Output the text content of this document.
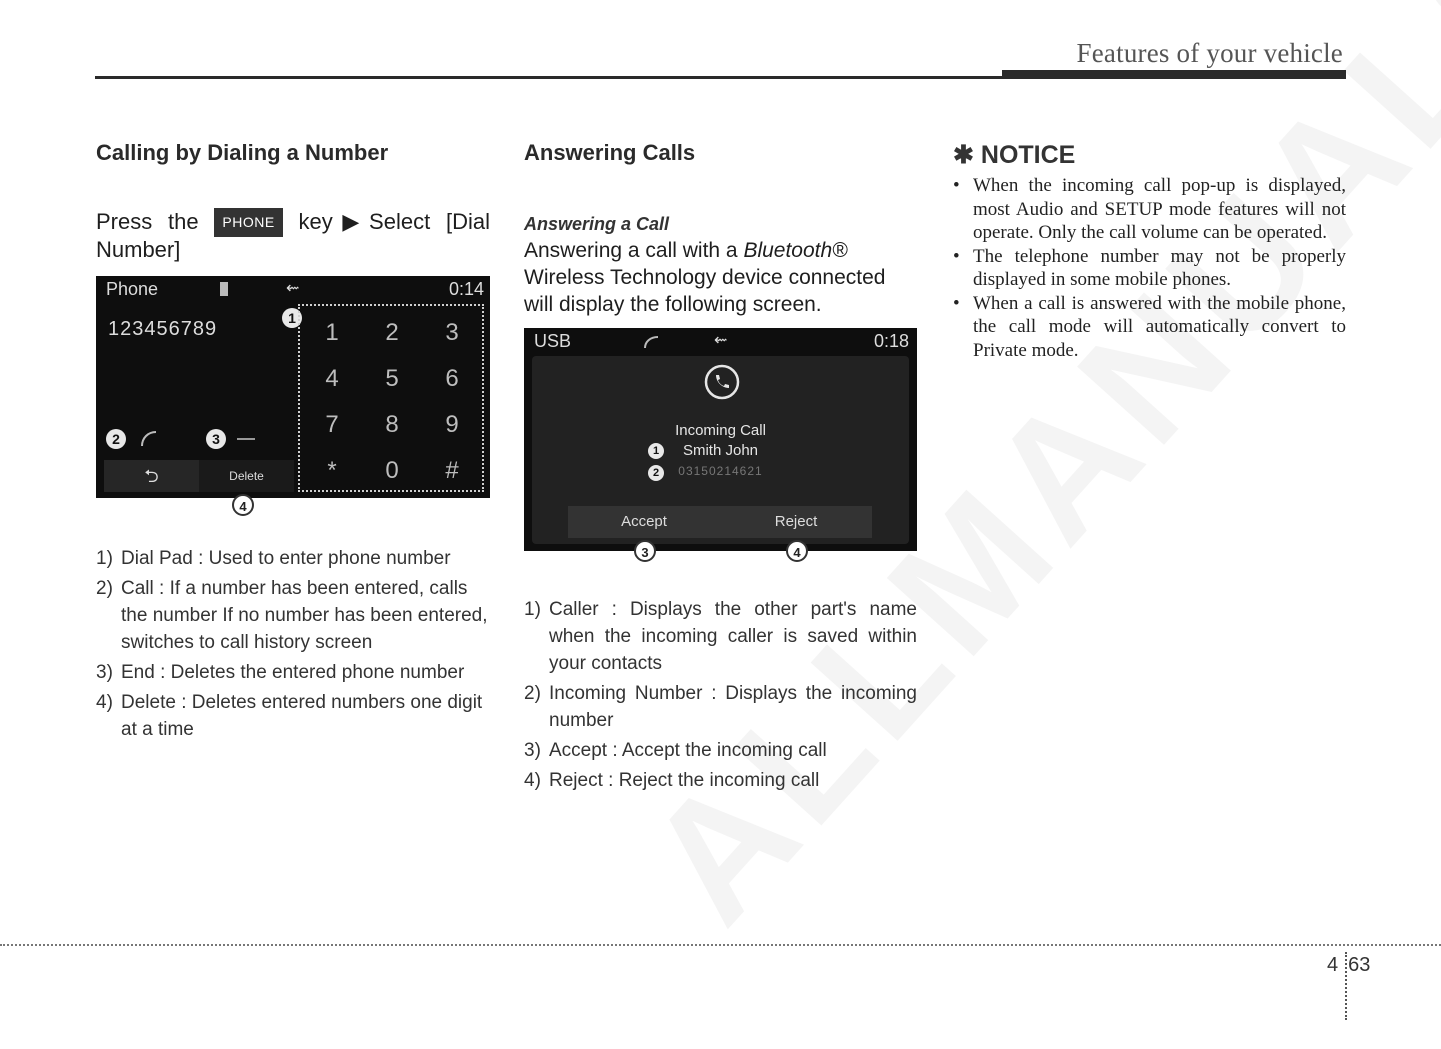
Features of your vehicle
Calling by Dialing a Number
Press the PHONE key▶Select [Dial Number]
Phone	⇜	0:14
123456789	1
1	2	3
4	5	6
7	8	9
*	0	#
2	3
⮌	Delete
4
1) Dial Pad : Used to enter phone number
2) Call : If a number has been entered, calls the number If no number has been entered, switches to call history screen
3) End : Deletes the entered phone number
4) Delete : Deletes entered numbers one digit at a time
Answering Calls
Answering a Call
Answering a call with a Bluetooth® Wireless Technology device connected will display the following screen.
USB	⇜	0:18
Incoming Call
1	Smith John
2	03150214621
Accept	Reject
3	4
1) Caller : Displays the other part's name when the incoming caller is saved within your contacts
2) Incoming Number : Displays the incoming number
3) Accept : Accept the incoming call
4) Reject : Reject the incoming call
✱ NOTICE
• When the incoming call pop-up is displayed, most Audio and SETUP mode features will not operate. Only the call volume can be operated.
• The telephone number may not be properly displayed in some mobile phones.
• When a call is answered with the mobile phone, the call mode will automatically convert to Private mode.
4 63
